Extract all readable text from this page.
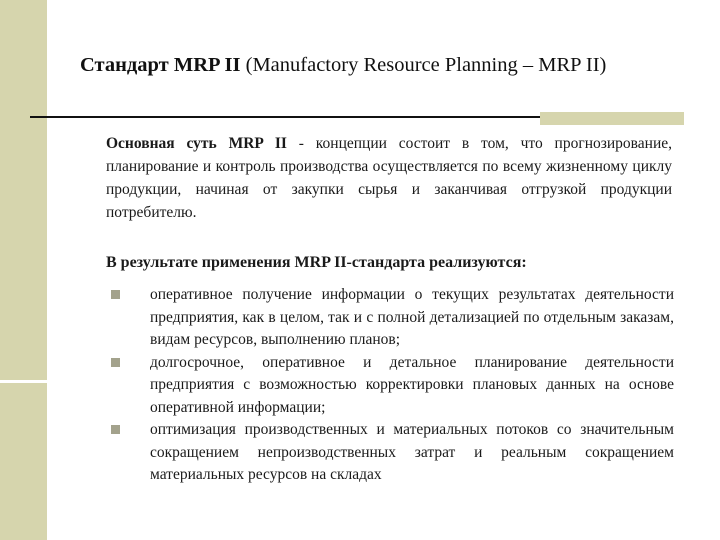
Стандарт MRP II (Manufactory Resource Planning – MRP II)

Основная суть MRP II - концепции состоит в том, что прогнозирование, планирование и контроль производства осуществляется по всему жизненному циклу продукции, начиная от закупки сырья и заканчивая отгрузкой продукции потребителю.

В результате применения MRP II-стандарта реализуются:

оперативное получение информации о текущих результатах деятельности предприятия, как в целом, так и с полной детализацией по отдельным заказам, видам ресурсов, выполнению планов;
долгосрочное, оперативное и детальное планирование деятельности предприятия с возможностью корректировки плановых данных на основе оперативной информации;
оптимизация производственных и материальных потоков со значительным сокращением непроизводственных затрат и реальным сокращением материальных ресурсов на складах
